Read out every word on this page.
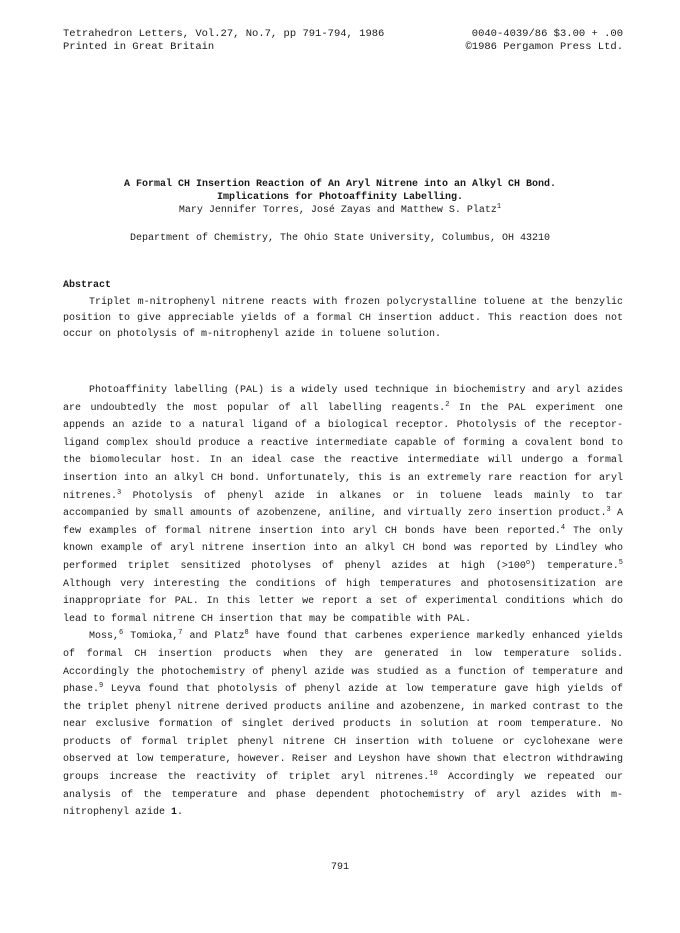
Tetrahedron Letters, Vol.27, No.7, pp 791-794, 1986	0040-4039/86 $3.00 + .00
Printed in Great Britain	©1986 Pergamon Press Ltd.
A Formal CH Insertion Reaction of An Aryl Nitrene into an Alkyl CH Bond.
Implications for Photoaffinity Labelling.
Mary Jennifer Torres, José Zayas and Matthew S. Platz$^1$
Department of Chemistry, The Ohio State University, Columbus, OH 43210
Abstract

Triplet m-nitrophenyl nitrene reacts with frozen polycrystalline toluene at the benzylic position to give appreciable yields of a formal CH insertion adduct. This reaction does not occur on photolysis of m-nitrophenyl azide in toluene solution.

Photoaffinity labelling (PAL) is a widely used technique in biochemistry and aryl azides are undoubtedly the most popular of all labelling reagents.$^2$ In the PAL experiment one appends an azide to a natural ligand of a biological receptor. Photolysis of the receptor-ligand complex should produce a reactive intermediate capable of forming a covalent bond to the biomolecular host. In an ideal case the reactive intermediate will undergo a formal insertion into an alkyl CH bond. Unfortunately, this is an extremely rare reaction for aryl nitrenes.$^3$ Photolysis of phenyl azide in alkanes or in toluene leads mainly to tar accompanied by small amounts of azobenzene, aniline, and virtually zero insertion product.$^3$ A few examples of formal nitrene insertion into aryl CH bonds have been reported.$^4$ The only known example of aryl nitrene insertion into an alkyl CH bond was reported by Lindley who performed triplet sensitized photolyses of phenyl azides at high $(>100^o)$ temperature.$^5$ Although very interesting the conditions of high temperatures and photosensitization are inappropriate for PAL. In this letter we report a set of experimental conditions which do lead to formal nitrene CH insertion that may be compatible with PAL.

Moss,$^6$ Tomioka,$^7$ and Platz$^8$ have found that carbenes experience markedly enhanced yields of formal CH insertion products when they are generated in low temperature solids. Accordingly the photochemistry of phenyl azide was studied as a function of temperature and phase.$^9$ Leyva found that photolysis of phenyl azide at low temperature gave high yields of the triplet phenyl nitrene derived products aniline and azobenzene, in marked contrast to the near exclusive formation of singlet derived products in solution at room temperature. No products of formal triplet phenyl nitrene CH insertion with toluene or cyclohexane were observed at low temperature, however. Reiser and Leyshon have shown that electron withdrawing groups increase the reactivity of triplet aryl nitrenes.$^{10}$ Accordingly we repeated our analysis of the temperature and phase dependent photochemistry of aryl azides with m-nitrophenyl azide 1.

791
